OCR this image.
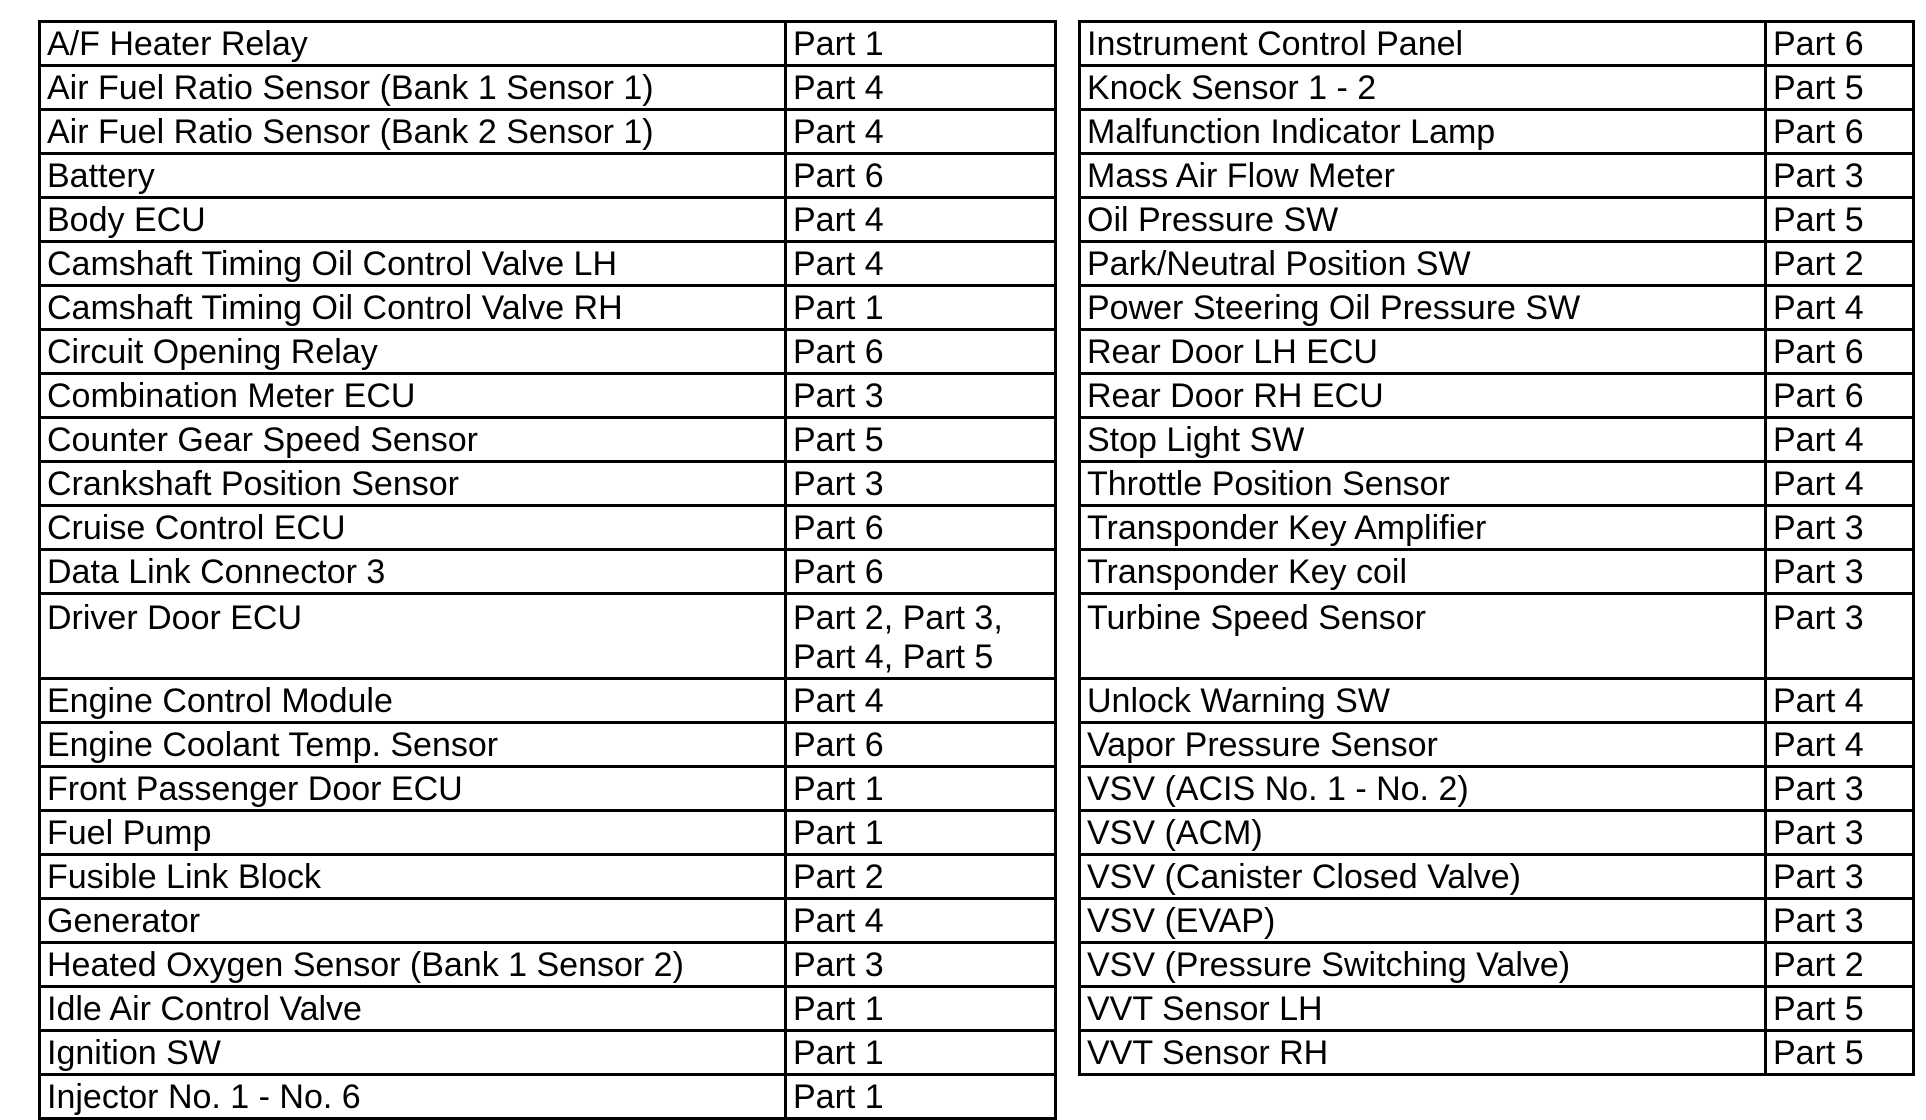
A/F Heater Relay	Part 1
Air Fuel Ratio Sensor (Bank 1 Sensor 1)	Part 4
Air Fuel Ratio Sensor (Bank 2 Sensor 1)	Part 4
Battery	Part 6
Body ECU	Part 4
Camshaft Timing Oil Control Valve LH	Part 4
Camshaft Timing Oil Control Valve RH	Part 1
Circuit Opening Relay	Part 6
Combination Meter ECU	Part 3
Counter Gear Speed Sensor	Part 5
Crankshaft Position Sensor	Part 3
Cruise Control ECU	Part 6
Data Link Connector 3	Part 6
Driver Door ECU	Part 2, Part 3, Part 4, Part 5
Engine Control Module	Part 4
Engine Coolant Temp. Sensor	Part 6
Front Passenger Door ECU	Part 1
Fuel Pump	Part 1
Fusible Link Block	Part 2
Generator	Part 4
Heated Oxygen Sensor (Bank 1 Sensor 2)	Part 3
Idle Air Control Valve	Part 1
Ignition SW	Part 1
Injector No. 1 - No. 6	Part 1
Instrument Control Panel	Part 6
Knock Sensor 1 - 2	Part 5
Malfunction Indicator Lamp	Part 6
Mass Air Flow Meter	Part 3
Oil Pressure SW	Part 5
Park/Neutral Position SW	Part 2
Power Steering Oil Pressure SW	Part 4
Rear Door LH ECU	Part 6
Rear Door RH ECU	Part 6
Stop Light SW	Part 4
Throttle Position Sensor	Part 4
Transponder Key Amplifier	Part 3
Transponder Key coil	Part 3
Turbine Speed Sensor	Part 3
Unlock Warning SW	Part 4
Vapor Pressure Sensor	Part 4
VSV (ACIS No. 1 - No. 2)	Part 3
VSV (ACM)	Part 3
VSV (Canister Closed Valve)	Part 3
VSV (EVAP)	Part 3
VSV (Pressure Switching Valve)	Part 2
VVT Sensor LH	Part 5
VVT Sensor RH	Part 5
